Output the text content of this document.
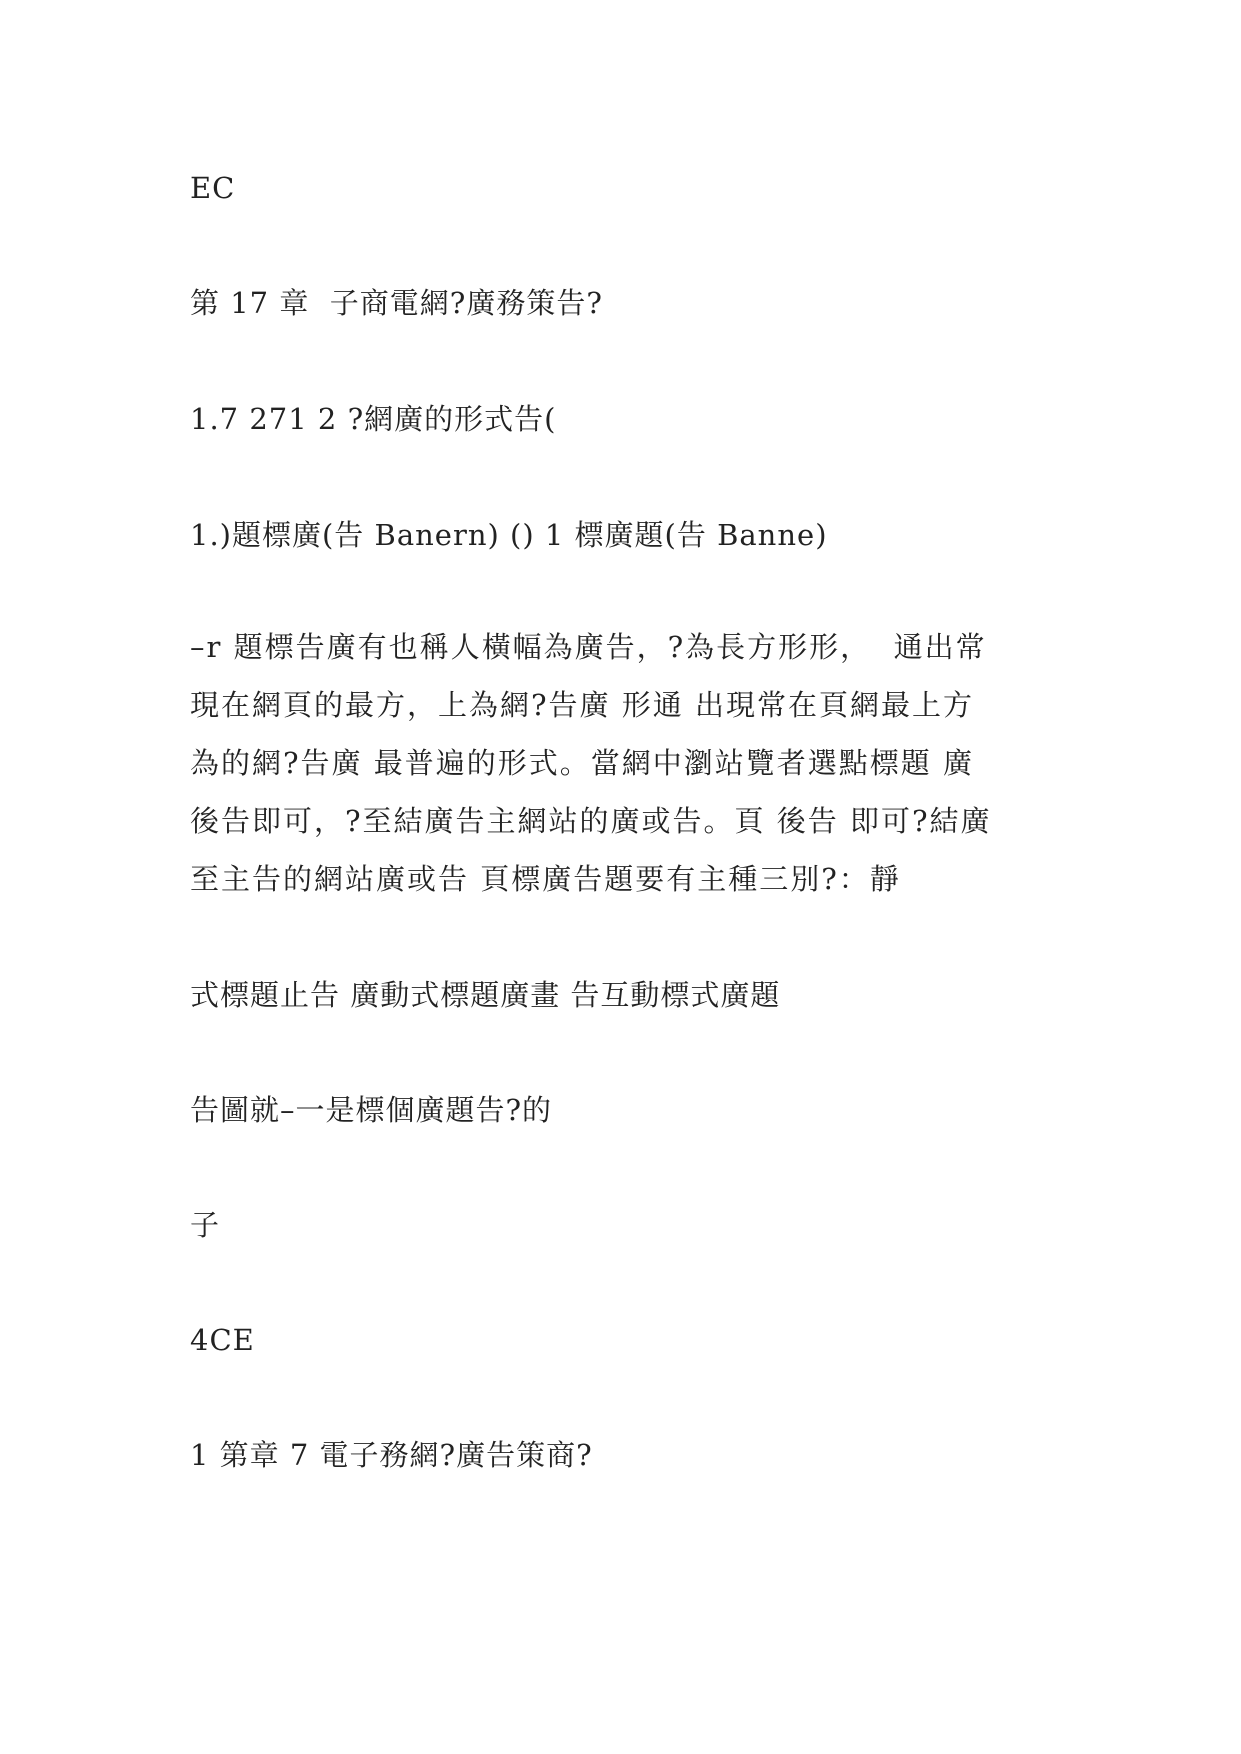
EC
第 17 章  子商電網?廣務策告?
1.7 271 2 ?網廣的形式告(
1.)題標廣(告 Banern) () 1 標廣題(告 Banne)
–r 題標告廣有也稱人橫幅為廣告，?為長方形形，  通出常
現在網頁的最方，上為網?告廣 形通 出現常在頁網最上方
為的網?告廣 最普遍的形式。當網中瀏站覽者選點標題 廣
後告即可，?至結廣告主網站的廣或告。頁 後告 即可?結廣
至主告的網站廣或告 頁標廣告題要有主種三別?：靜
式標題止告 廣動式標題廣畫 告互動標式廣題
告圖就–一是標個廣題告?的
子
4CE
1 第章 7 電子務網?廣告策商?
